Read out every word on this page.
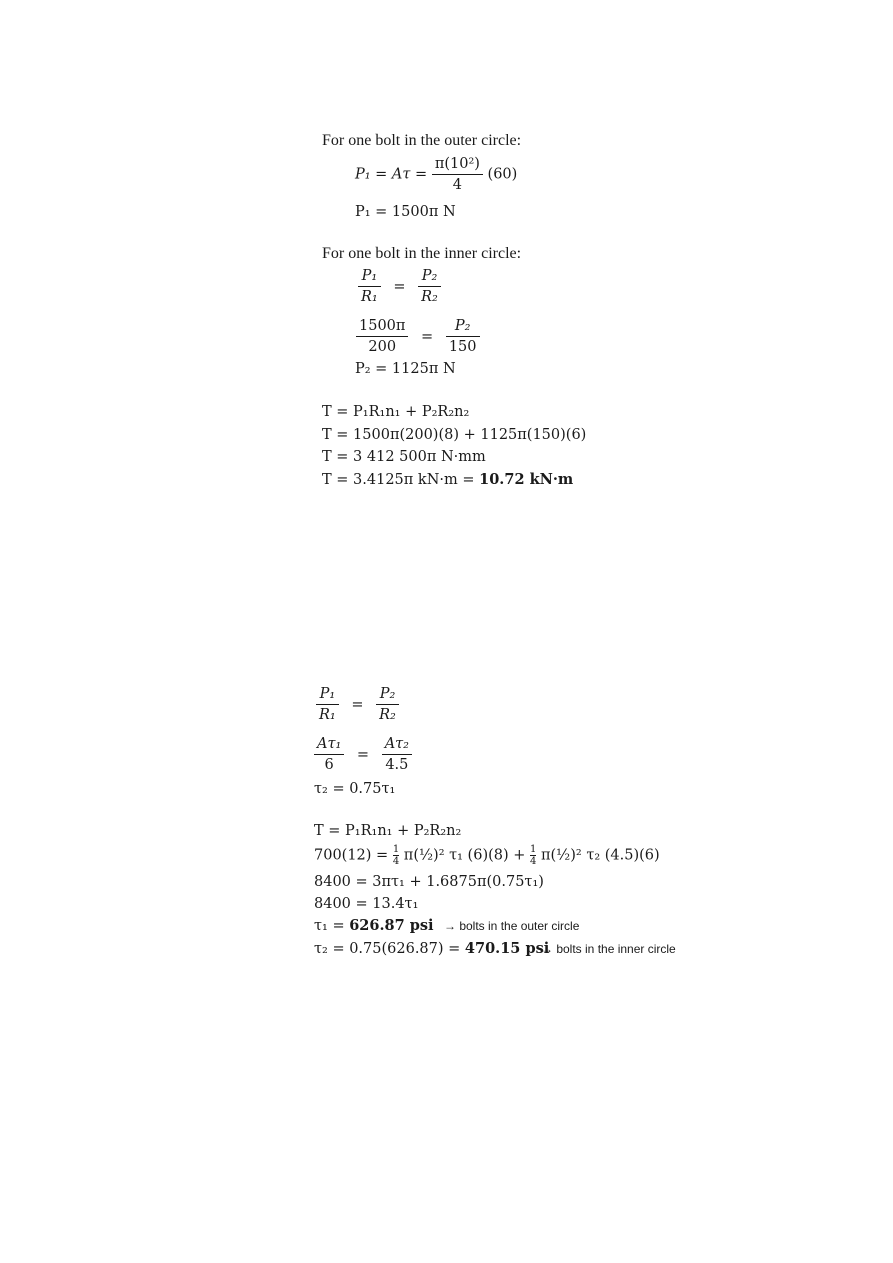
For one bolt in the outer circle:
$P_1 = A\tau = \frac{\text{π(10²)}}{4} (60)$
P₁ = 1500π N
For one bolt in the inner circle:
$\frac{\text{P₁}}{\text{R₁}} = \frac{\text{P₂}}{\text{R₂}}$
$\frac{1500\pi}{200} = \frac{\text{P₂}}{150}$
P₂ = 1125π N
T = P₁R₁n₁ + P₂R₂n₂
T = 1500π(200)(8) + 1125π(150)(6)
T = 3 412 500π N·mm
T = 3.4125π kN·m = 10.72 kN·m
$\frac{\text{P₁}}{\text{R₁}} = \frac{\text{P₂}}{\text{R₂}}$
$\frac{\text{Aτ₁}}{6} = \frac{\text{Aτ₂}}{4.5}$
τ₂ = 0.75τ₁
T = P₁R₁n₁ + P₂R₂n₂
$700(12) = \frac{1}{4}$ π(½)² τ₁ $(6)(8) + \frac{1}{4}$ π(½)² τ₂ (4.5)(6)
8400 = 3πτ₁ + 1.6875π(0.75τ₁)
8400 = 13.4τ₁
τ₁ = 626.87 psi → bolts in the outer circle
τ₂ = 0.75(626.87) = 470.15 psi
→ bolts in the inner circle
